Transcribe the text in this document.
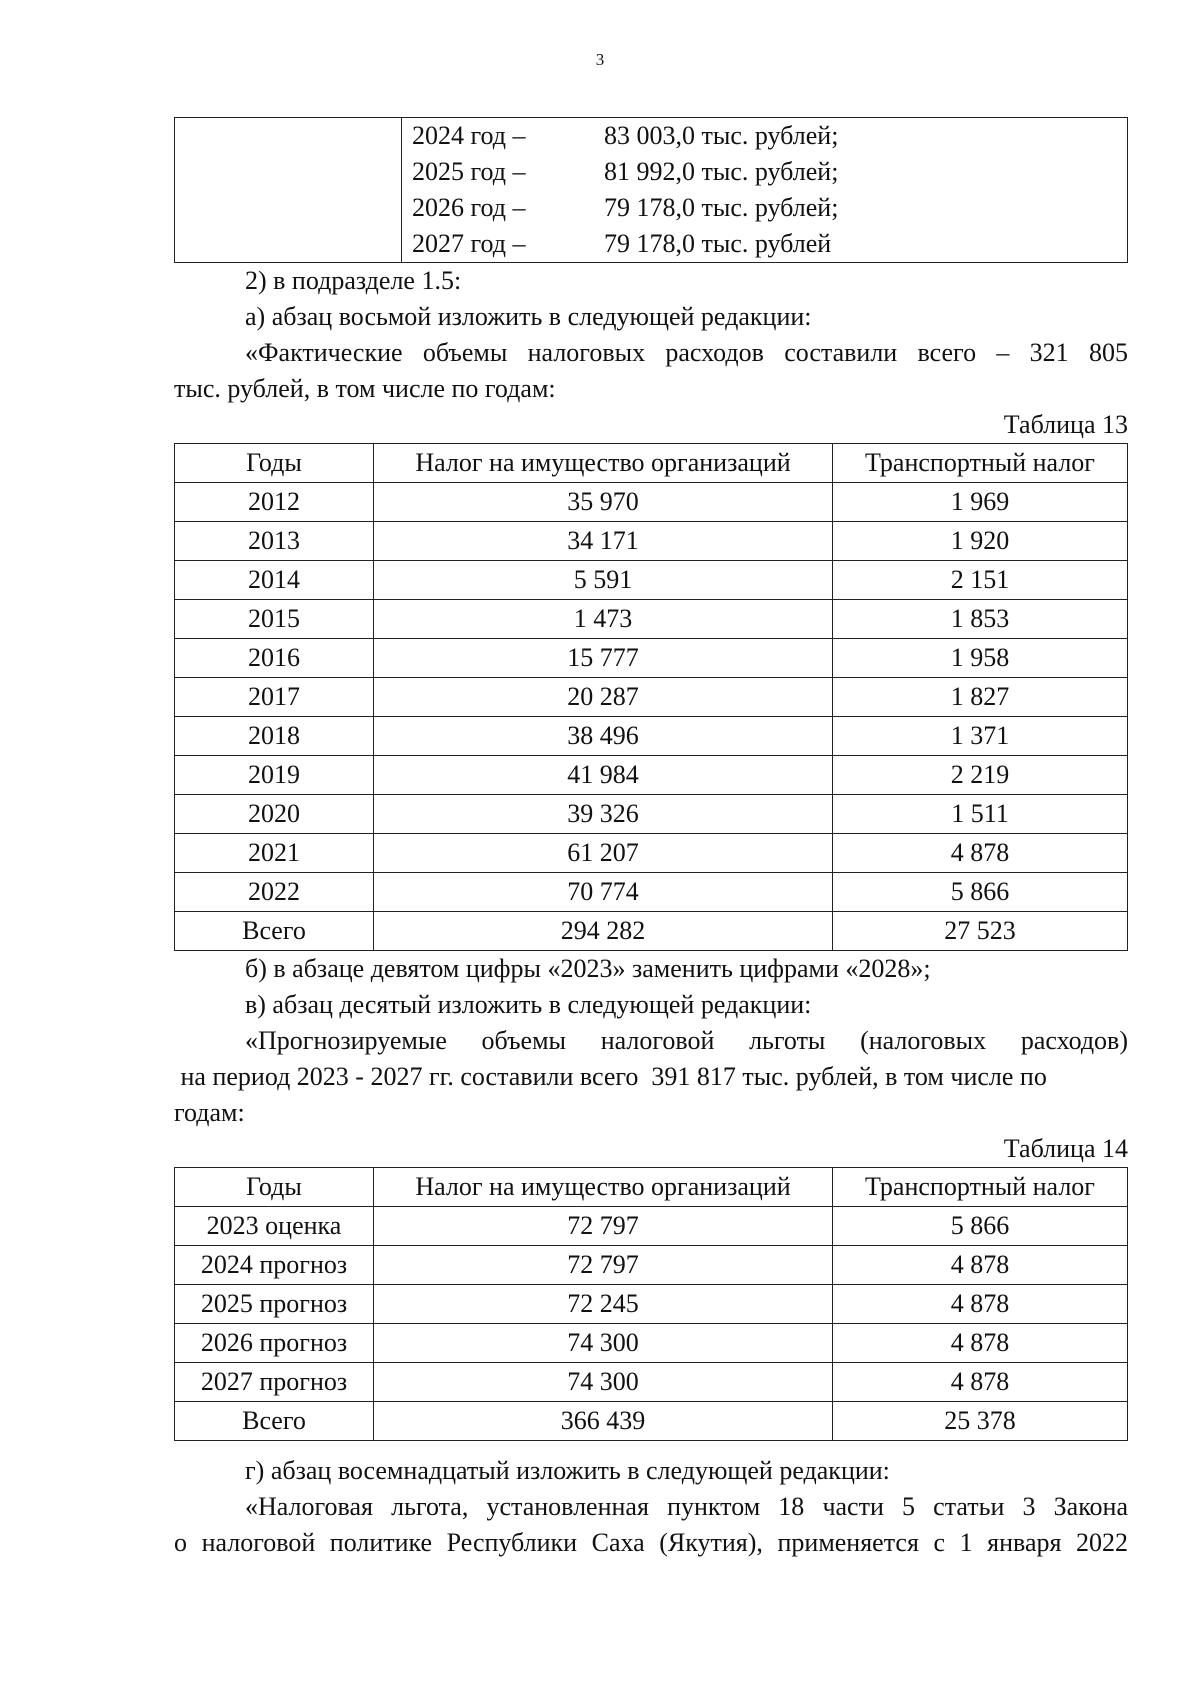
3

2024 год –	83 003,0 тыс. рублей;
2025 год –	81 992,0 тыс. рублей;
2026 год –	79 178,0 тыс. рублей;
2027 год –	79 178,0 тыс. рублей

2) в подразделе 1.5:

а) абзац восьмой изложить в следующей редакции:

«Фактические объемы налоговых расходов составили всего – 321 805

тыс. рублей, в том числе по годам:

Таблица 13

Годы	Налог на имущество организаций	Транспортный налог
2012	35 970	1 969
2013	34 171	1 920
2014	5 591	2 151
2015	1 473	1 853
2016	15 777	1 958
2017	20 287	1 827
2018	38 496	1 371
2019	41 984	2 219
2020	39 326	1 511
2021	61 207	4 878
2022	70 774	5 866
Всего	294 282	27 523

б) в абзаце девятом цифры «2023» заменить цифрами «2028»;

в) абзац десятый изложить в следующей редакции:

«Прогнозируемые объемы налоговой льготы (налоговых расходов)

на период 2023 - 2027 гг. составили всего  391 817 тыс. рублей, в том числе по

годам:

Таблица 14

Годы	Налог на имущество организаций	Транспортный налог
2023 оценка	72 797	5 866
2024 прогноз	72 797	4 878
2025 прогноз	72 245	4 878
2026 прогноз	74 300	4 878
2027 прогноз	74 300	4 878
Всего	366 439	25 378

г) абзац восемнадцатый изложить в следующей редакции:

«Налоговая льгота, установленная пунктом 18 части 5 статьи 3 Закона

о налоговой политике Республики Саха (Якутия), применяется с 1 января 2022
